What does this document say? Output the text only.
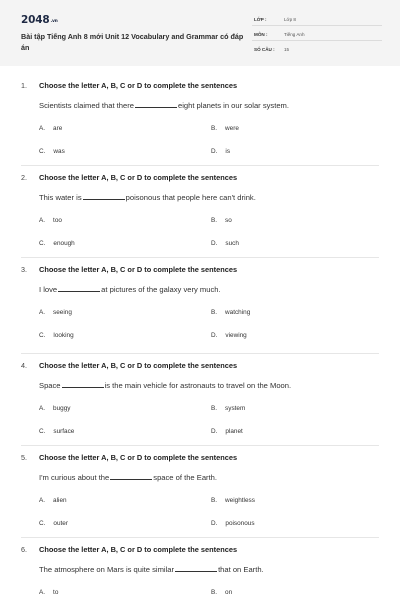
2048.vn
Bài tập Tiếng Anh 8 mới Unit 12 Vocabulary and Grammar có đáp án
LỚP :	Lớp 8
MÔN :	Tiếng Anh
SỐ CÂU : 15
1. Choose the letter A, B, C or D to complete the sentences
Scientists claimed that there	eight planets in our solar system.
A. are	B. were
C. was	D. is
2. Choose the letter A, B, C or D to complete the sentences
This water is	poisonous that people here can't drink.
A. too	B. so
C. enough	D. such
3. Choose the letter A, B, C or D to complete the sentences
I love	at pictures of the galaxy very much.
A. seeing	B. watching
C. looking	D. viewing
4. Choose the letter A, B, C or D to complete the sentences
Space	is the main vehicle for astronauts to travel on the Moon.
A. buggy	B. system
C. surface	D. planet
5. Choose the letter A, B, C or D to complete the sentences
I'm curious about the	space of the Earth.
A. alien	B. weightless
C. outer	D. poisonous
6. Choose the letter A, B, C or D to complete the sentences
The atmosphere on Mars is quite similar	that on Earth.
A. to	B. on
